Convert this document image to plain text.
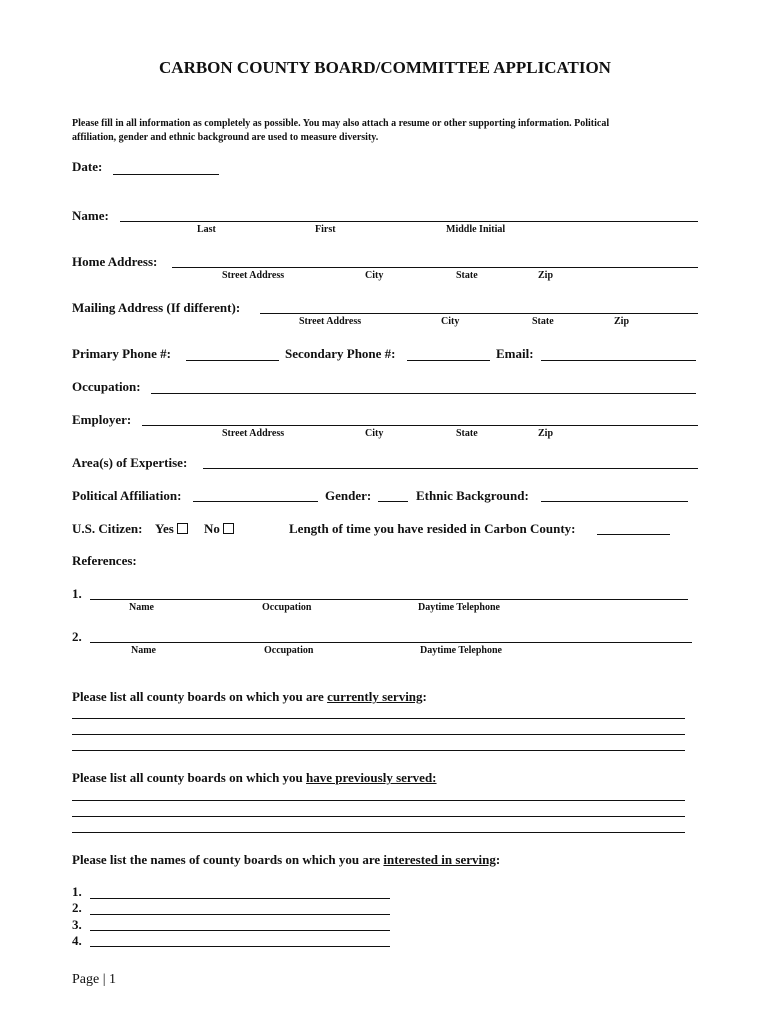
CARBON COUNTY BOARD/COMMITTEE APPLICATION
Please fill in all information as completely as possible. You may also attach a resume or other supporting information. Political
affiliation, gender and ethnic background are used to measure diversity.
Date:
Name:
Last	First	Middle Initial
Home Address:
Street Address	City	State	Zip
Mailing Address (If different):
Street Address	City	State	Zip
Primary Phone #:	Secondary Phone #:	Email:
Occupation:
Employer:
Street Address	City	State	Zip
Area(s) of Expertise:
Political Affiliation:	Gender:	Ethnic Background:
U.S. Citizen: Yes	No	Length of time you have resided in Carbon County:
References:
1.
Name	Occupation	Daytime Telephone
2.
Name	Occupation	Daytime Telephone
Please list all county boards on which you are currently serving:
Please list all county boards on which you have previously served:
Please list the names of county boards on which you are interested in serving:
1.
2.
3.
4.
Page | 1
